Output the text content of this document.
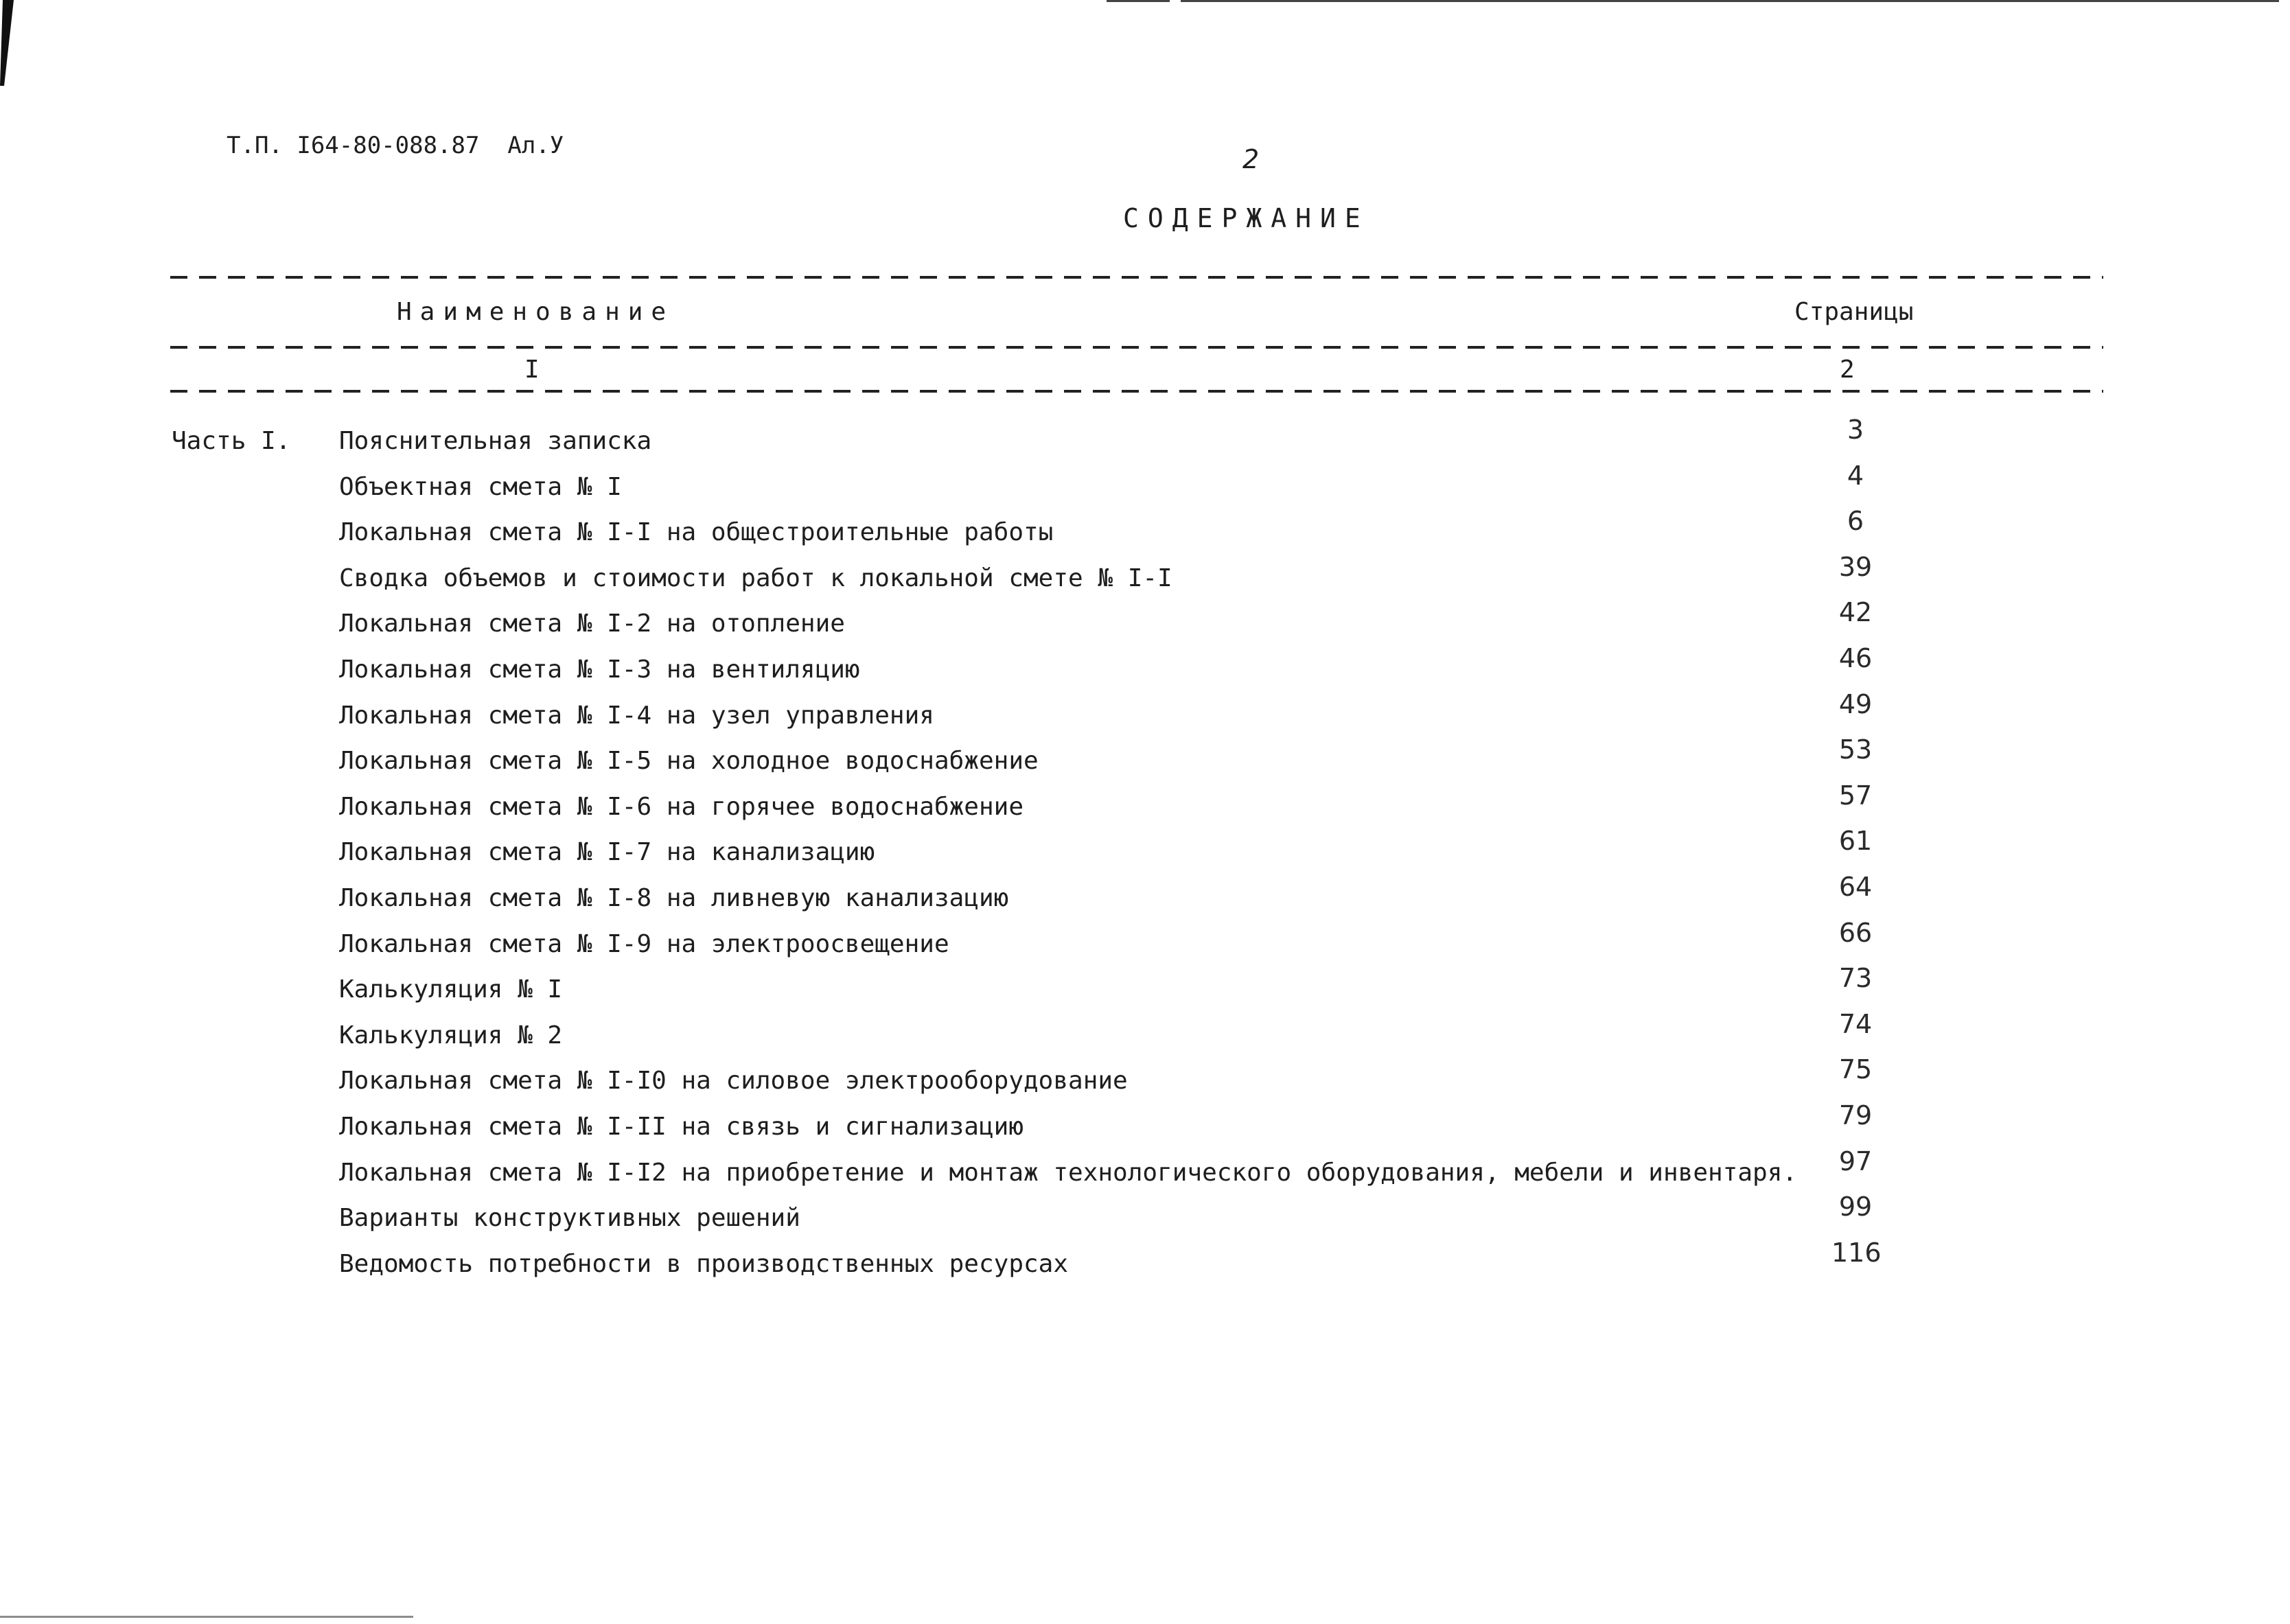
Т.П. I64-80-088.87  Ал.У	2
СОДЕРЖАНИЕ
Наименование	Страницы
I	2
Часть I. Пояснительная записка	3
Объектная смета № I	4
Локальная смета № I-I на общестроительные работы	6
Сводка объемов и стоимости работ к локальной смете № I-I	39
Локальная смета № I-2 на отопление	42
Локальная смета № I-3 на вентиляцию	46
Локальная смета № I-4 на узел управления	49
Локальная смета № I-5 на холодное водоснабжение	53
Локальная смета № I-6 на горячее водоснабжение	57
Локальная смета № I-7 на канализацию	61
Локальная смета № I-8 на ливневую канализацию	64
Локальная смета № I-9 на электроосвещение	66
Калькуляция № I	73
Калькуляция № 2	74
Локальная смета № I-I0 на силовое электрооборудование	75
Локальная смета № I-II на связь и сигнализацию	79
Локальная смета № I-I2 на приобретение и монтаж технологического оборудования, мебели и инвентаря. 97
Варианты конструктивных решений	99
Ведомость потребности в производственных ресурсах	116
